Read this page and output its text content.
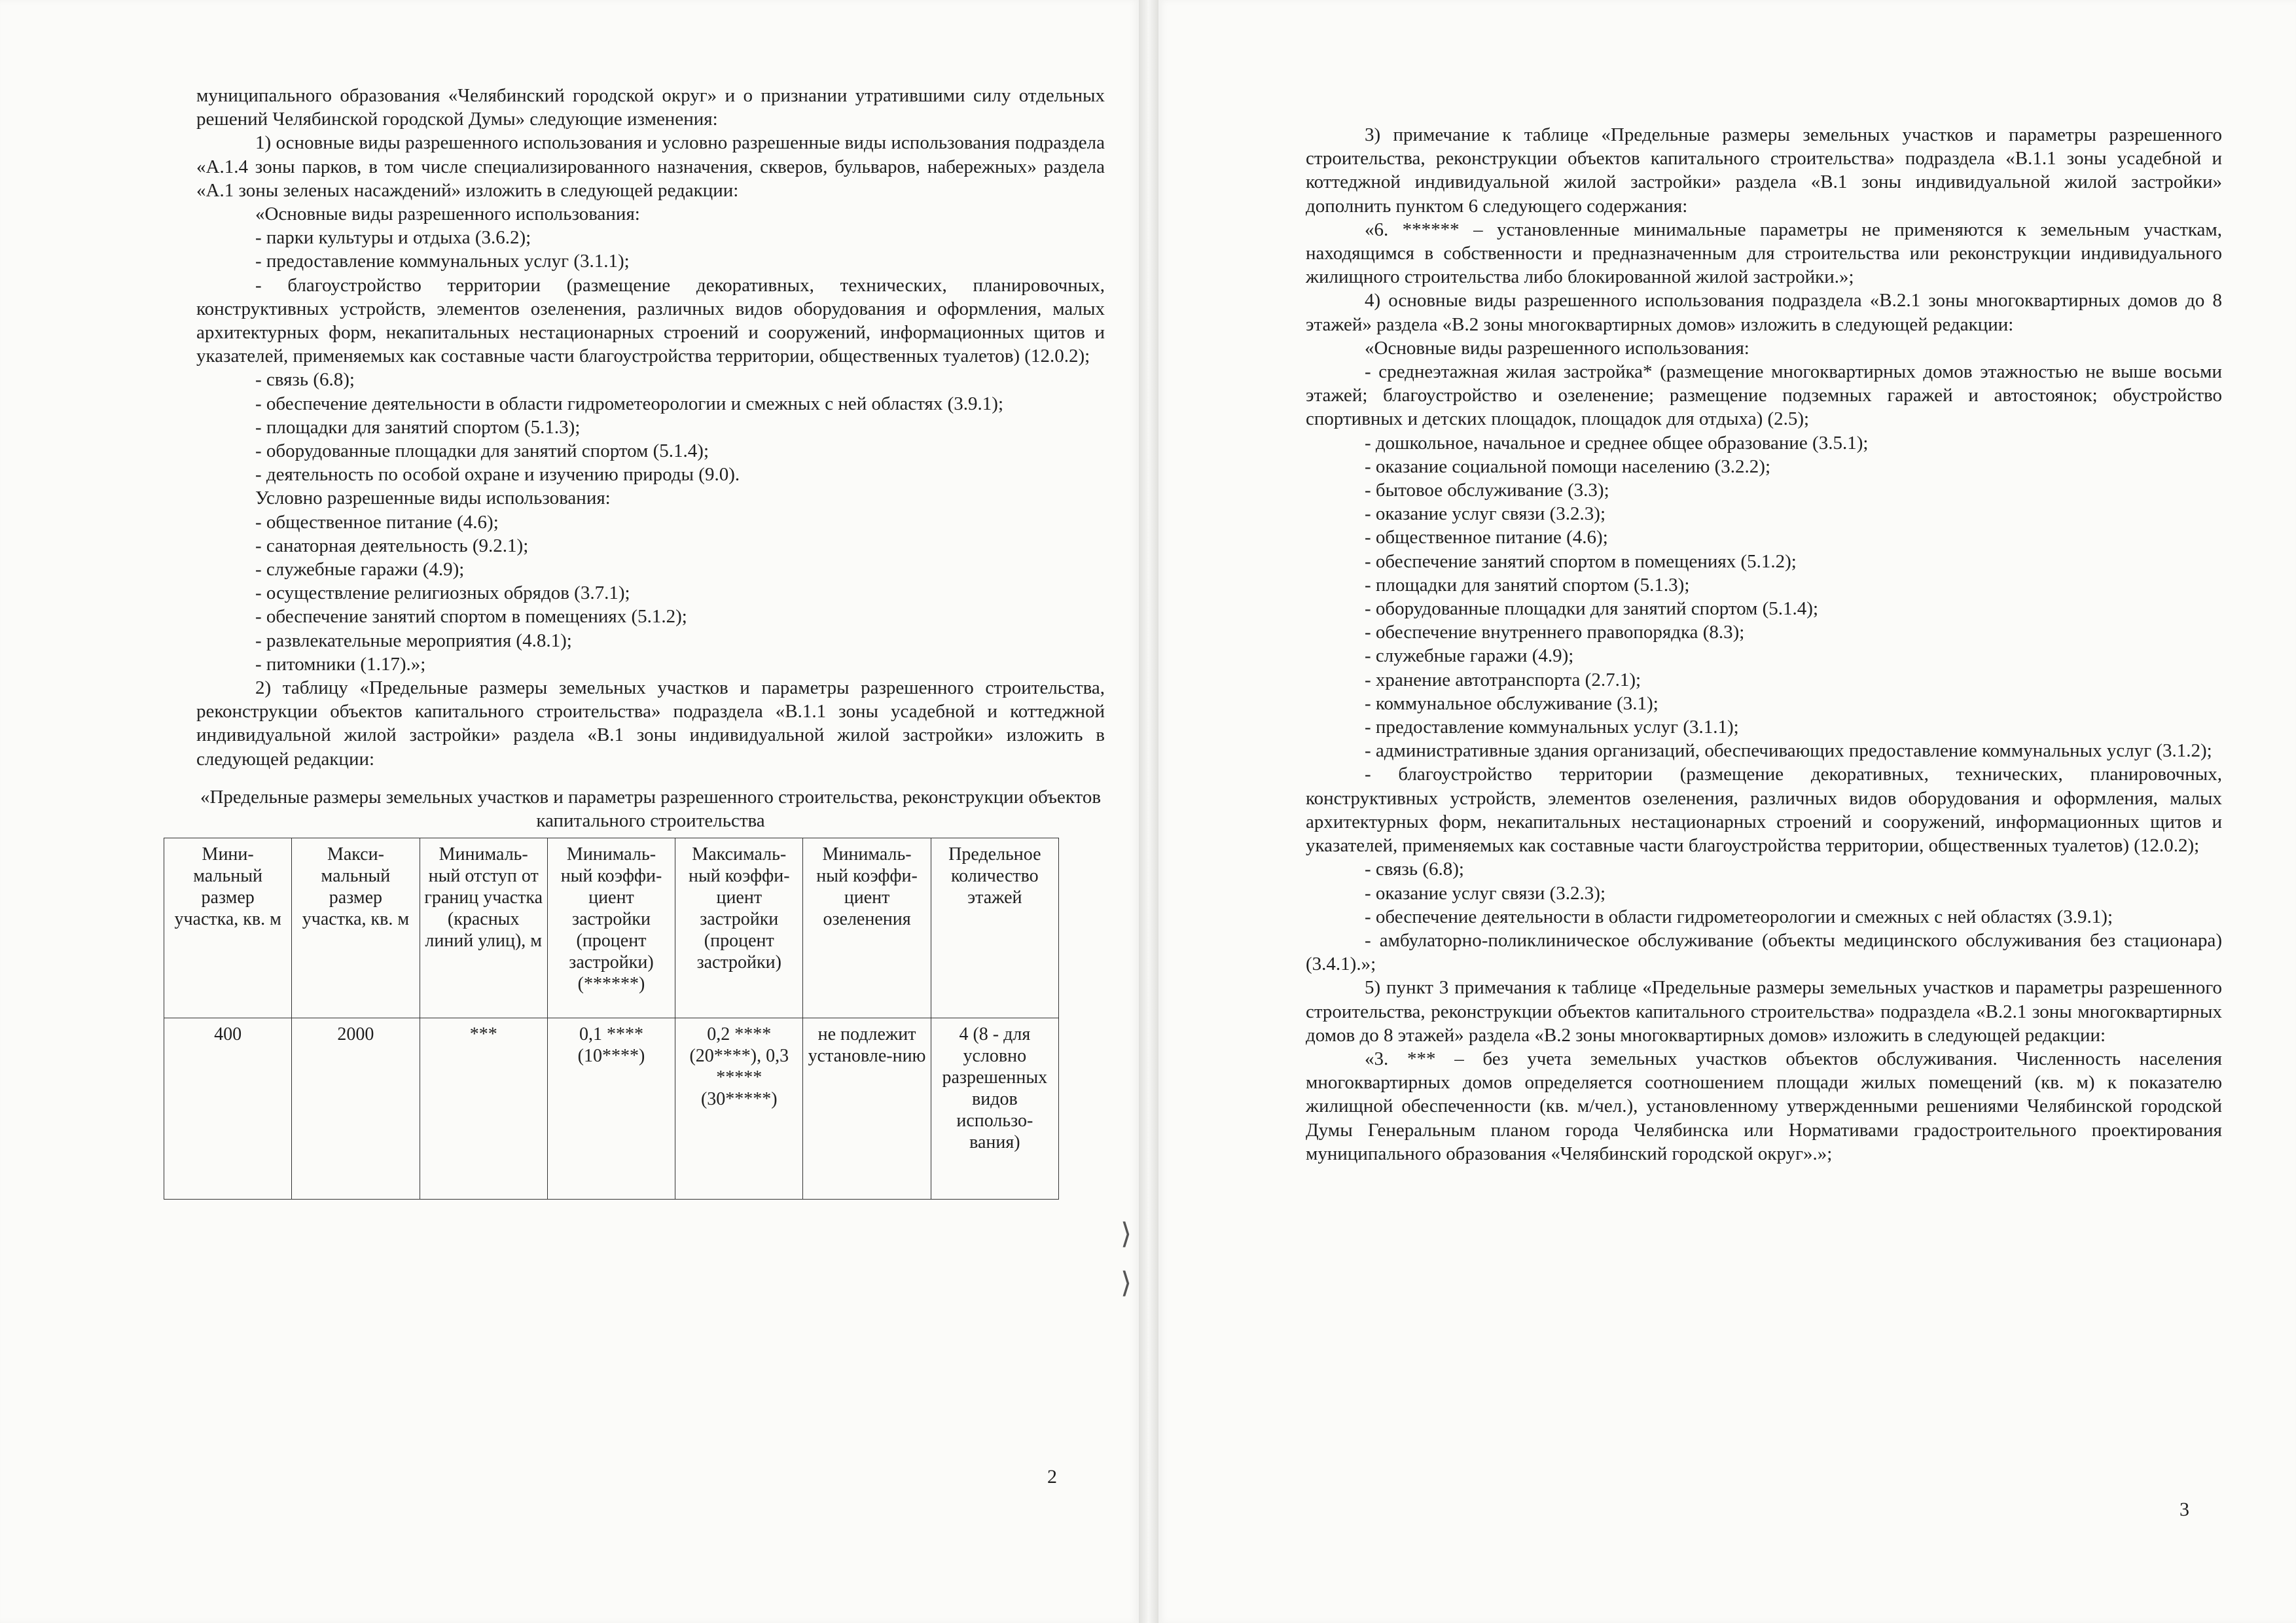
муниципального образования «Челябинский городской округ» и о признании утратившими силу отдельных решений Челябинской городской Думы» следующие изменения:

1) основные виды разрешенного использования и условно разрешенные виды использования подраздела «А.1.4 зоны парков, в том числе специализированного назначения, скверов, бульваров, набережных» раздела «А.1 зоны зеленых насаждений» изложить в следующей редакции:

«Основные виды разрешенного использования:

- парки культуры и отдыха (3.6.2);

- предоставление коммунальных услуг (3.1.1);

- благоустройство территории (размещение декоративных, технических, планировочных, конструктивных устройств, элементов озеленения, различных видов оборудования и оформления, малых архитектурных форм, некапитальных нестационарных строений и сооружений, информационных щитов и указателей, применяемых как составные части благоустройства территории, общественных туалетов) (12.0.2);

- связь (6.8);

- обеспечение деятельности в области гидрометеорологии и смежных с ней областях (3.9.1);

- площадки для занятий спортом (5.1.3);

- оборудованные площадки для занятий спортом (5.1.4);

- деятельность по особой охране и изучению природы (9.0).

Условно разрешенные виды использования:

- общественное питание (4.6);

- санаторная деятельность (9.2.1);

- служебные гаражи (4.9);

- осуществление религиозных обрядов (3.7.1);

- обеспечение занятий спортом в помещениях (5.1.2);

- развлекательные мероприятия (4.8.1);

- питомники (1.17).»;

2) таблицу «Предельные размеры земельных участков и параметры разрешенного строительства, реконструкции объектов капитального строительства» подраздела «В.1.1 зоны усадебной и коттеджной индивидуальной жилой застройки» раздела «В.1 зоны индивидуальной жилой застройки» изложить в следующей редакции:

«Предельные размеры земельных участков и параметры разрешенного строительства, реконструкции объектов капитального строительства

Мини-мальный размер участка, кв. м	Макси-мальный размер участка, кв. м	Минималь-ный отступ от границ участка (красных линий улиц), м	Минималь-ный коэффи-циент застройки (процент застройки) (******)	Максималь-ный коэффи-циент застройки (процент застройки)	Минималь-ный коэффи-циент озеленения	Предельное количество этажей
400	2000	***	0,1 **** (10****)	0,2 **** (20****), 0,3 ***** (30*****)	не подлежит установле-нию	4 (8 - для условно разрешенных видов использо-вания)
2
⟩
⟩

3) примечание к таблице «Предельные размеры земельных участков и параметры разрешенного строительства, реконструкции объектов капитального строительства» подраздела «В.1.1 зоны усадебной и коттеджной индивидуальной жилой застройки» раздела «В.1 зоны индивидуальной жилой застройки» дополнить пунктом 6 следующего содержания:

«6. ****** – установленные минимальные параметры не применяются к земельным участкам, находящимся в собственности и предназначенным для строительства или реконструкции индивидуального жилищного строительства либо блокированной жилой застройки.»;

4) основные виды разрешенного использования подраздела «В.2.1 зоны многоквартирных домов до 8 этажей» раздела «В.2 зоны многоквартирных домов» изложить в следующей редакции:

«Основные виды разрешенного использования:

- среднеэтажная жилая застройка* (размещение многоквартирных домов этажностью не выше восьми этажей; благоустройство и озеленение; размещение подземных гаражей и автостоянок; обустройство спортивных и детских площадок, площадок для отдыха) (2.5);

- дошкольное, начальное и среднее общее образование (3.5.1);

- оказание социальной помощи населению (3.2.2);

- бытовое обслуживание (3.3);

- оказание услуг связи (3.2.3);

- общественное питание (4.6);

- обеспечение занятий спортом в помещениях (5.1.2);

- площадки для занятий спортом (5.1.3);

- оборудованные площадки для занятий спортом (5.1.4);

- обеспечение внутреннего правопорядка (8.3);

- служебные гаражи (4.9);

- хранение автотранспорта (2.7.1);

- коммунальное обслуживание (3.1);

- предоставление коммунальных услуг (3.1.1);

- административные здания организаций, обеспечивающих предоставление коммунальных услуг (3.1.2);

- благоустройство территории (размещение декоративных, технических, планировочных, конструктивных устройств, элементов озеленения, различных видов оборудования и оформления, малых архитектурных форм, некапитальных нестационарных строений и сооружений, информационных щитов и указателей, применяемых как составные части благоустройства территории, общественных туалетов) (12.0.2);

- связь (6.8);

- оказание услуг связи (3.2.3);

- обеспечение деятельности в области гидрометеорологии и смежных с ней областях (3.9.1);

- амбулаторно-поликлиническое обслуживание (объекты медицинского обслуживания без стационара) (3.4.1).»;

5) пункт 3 примечания к таблице «Предельные размеры земельных участков и параметры разрешенного строительства, реконструкции объектов капитального строительства» подраздела «В.2.1 зоны многоквартирных домов до 8 этажей» раздела «В.2 зоны многоквартирных домов» изложить в следующей редакции:

«3. *** – без учета земельных участков объектов обслуживания. Численность населения многоквартирных домов определяется соотношением площади жилых помещений (кв. м) к показателю жилищной обеспеченности (кв. м/чел.), установленному утвержденными решениями Челябинской городской Думы Генеральным планом города Челябинска или Нормативами градостроительного проектирования муниципального образования «Челябинский городской округ».»;

3
